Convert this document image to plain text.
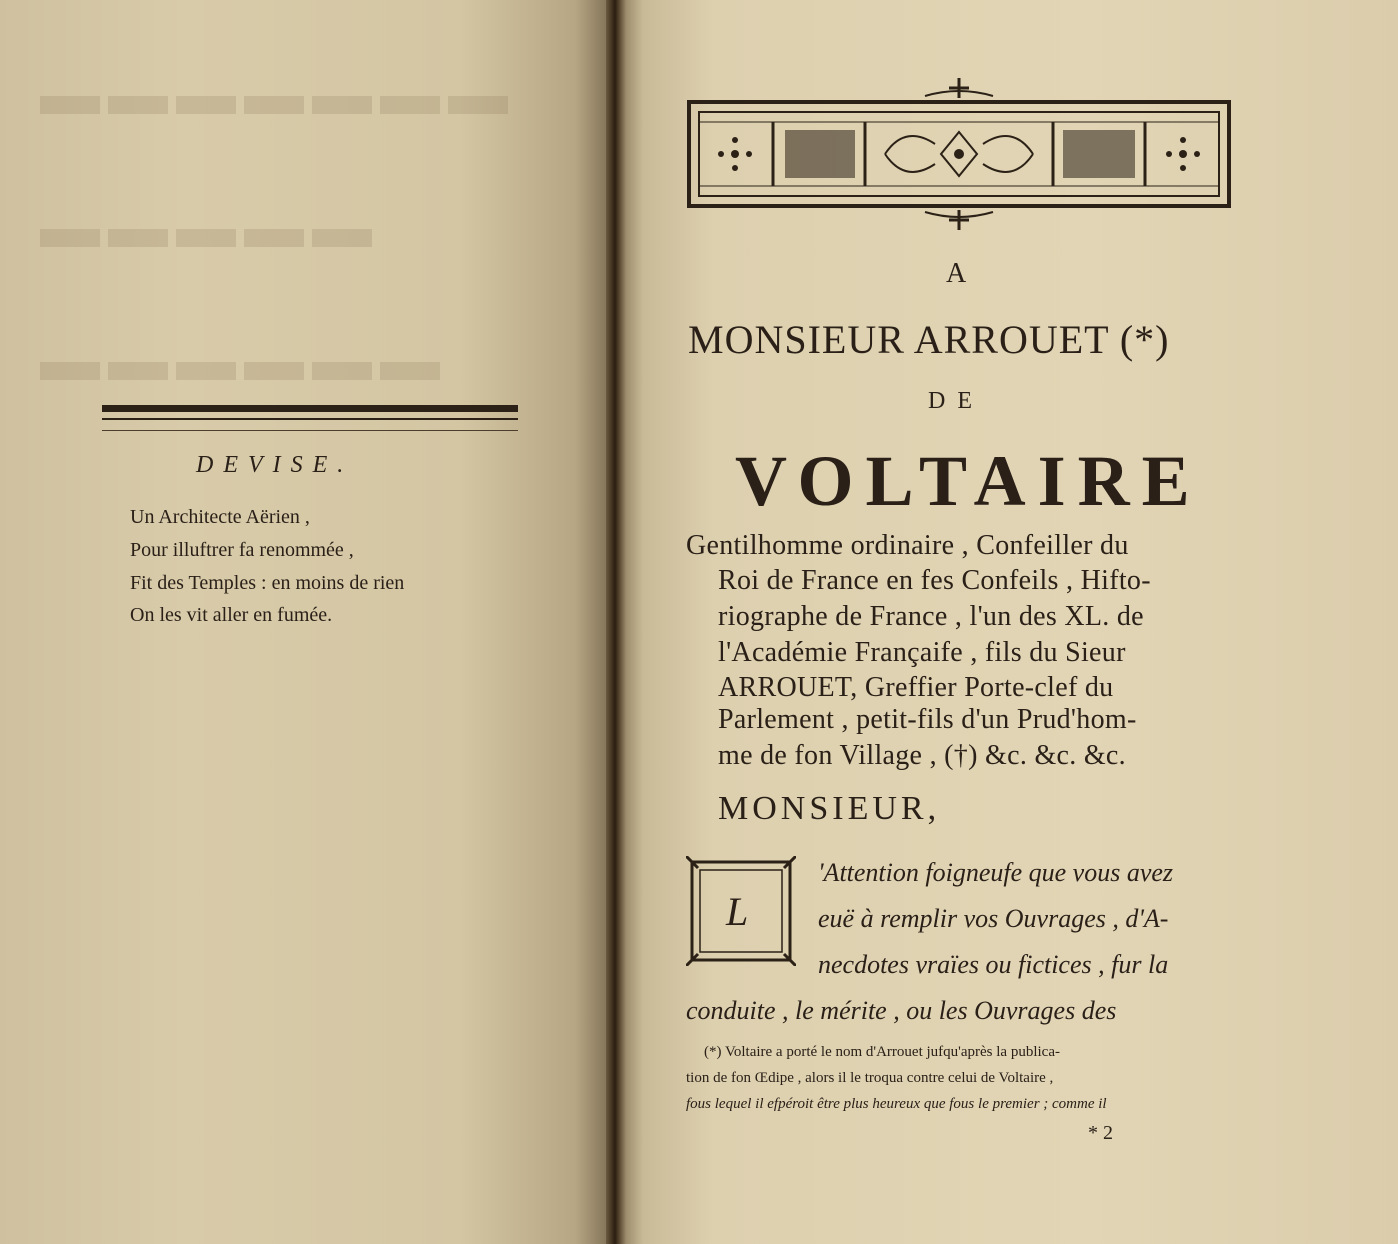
▬▬▬▬▬▬▬
▬▬▬▬▬
▬▬▬▬▬▬
DEVISE.
Un Architecte Aërien ,
Pour illuftrer fa renommée ,
Fit des Temples : en moins de rien
On les vit aller en fumée.
A
MONSIEUR ARROUET (*)
DE
VOLTAIRE
Gentilhomme ordinaire , Confeiller du
Roi de France en fes Confeils , Hifto-
riographe de France , l'un des XL. de
l'Académie Françaife , fils du Sieur
ARROUET, Greffier Porte-clef du
Parlement , petit-fils d'un Prud'hom-
me de fon Village , (†) &c. &c. &c.
MONSIEUR,
L
'Attention foigneufe que vous avez
euë à remplir vos Ouvrages , d'A-
necdotes vraïes ou fictices , fur la
conduite , le mérite , ou les Ouvrages des
(*) Voltaire a porté le nom d'Arrouet jufqu'après la publica-
tion de fon Œdipe , alors il le troqua contre celui de Voltaire ,
fous lequel il efpéroit être plus heureux que fous le premier ; comme il
* 2
